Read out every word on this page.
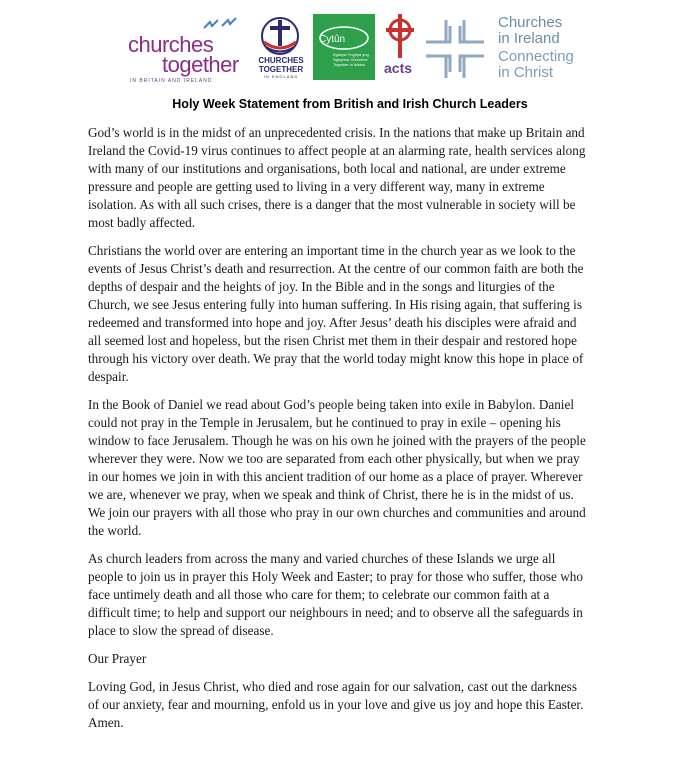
churches
together
IN BRITAIN AND IRELAND
CHURCHES
TOGETHER
IN ENGLAND
Cytûn
Eglwysi Ynghyd yng Nghymru Churches Together in Wales	acts
Churches
in Ireland
Connecting
in Christ
Holy Week Statement from British and Irish Church Leaders

God’s world is in the midst of an unprecedented crisis. In the nations that make up Britain and Ireland the Covid-19 virus continues to affect people at an alarming rate, health services along with many of our institutions and organisations, both local and national, are under extreme pressure and people are getting used to living in a very different way, many in extreme isolation. As with all such crises, there is a danger that the most vulnerable in society will be most badly affected.

Christians the world over are entering an important time in the church year as we look to the events of Jesus Christ’s death and resurrection. At the centre of our common faith are both the depths of despair and the heights of joy. In the Bible and in the songs and liturgies of the Church, we see Jesus entering fully into human suffering. In His rising again, that suffering is redeemed and transformed into hope and joy. After Jesus’ death his disciples were afraid and all seemed lost and hopeless, but the risen Christ met them in their despair and restored hope through his victory over death. We pray that the world today might know this hope in place of despair.

In the Book of Daniel we read about God’s people being taken into exile in Babylon. Daniel could not pray in the Temple in Jerusalem, but he continued to pray in exile – opening his window to face Jerusalem. Though he was on his own he joined with the prayers of the people wherever they were. Now we too are separated from each other physically, but when we pray in our homes we join in with this ancient tradition of our home as a place of prayer. Wherever we are, whenever we pray, when we speak and think of Christ, there he is in the midst of us. We join our prayers with all those who pray in our own churches and communities and around the world.

As church leaders from across the many and varied churches of these Islands we urge all people to join us in prayer this Holy Week and Easter; to pray for those who suffer, those who face untimely death and all those who care for them; to celebrate our common faith at a difficult time; to help and support our neighbours in need; and to observe all the safeguards in place to slow the spread of disease.

Our Prayer

Loving God, in Jesus Christ, who died and rose again for our salvation, cast out the darkness of our anxiety, fear and mourning, enfold us in your love and give us joy and hope this Easter. Amen.
